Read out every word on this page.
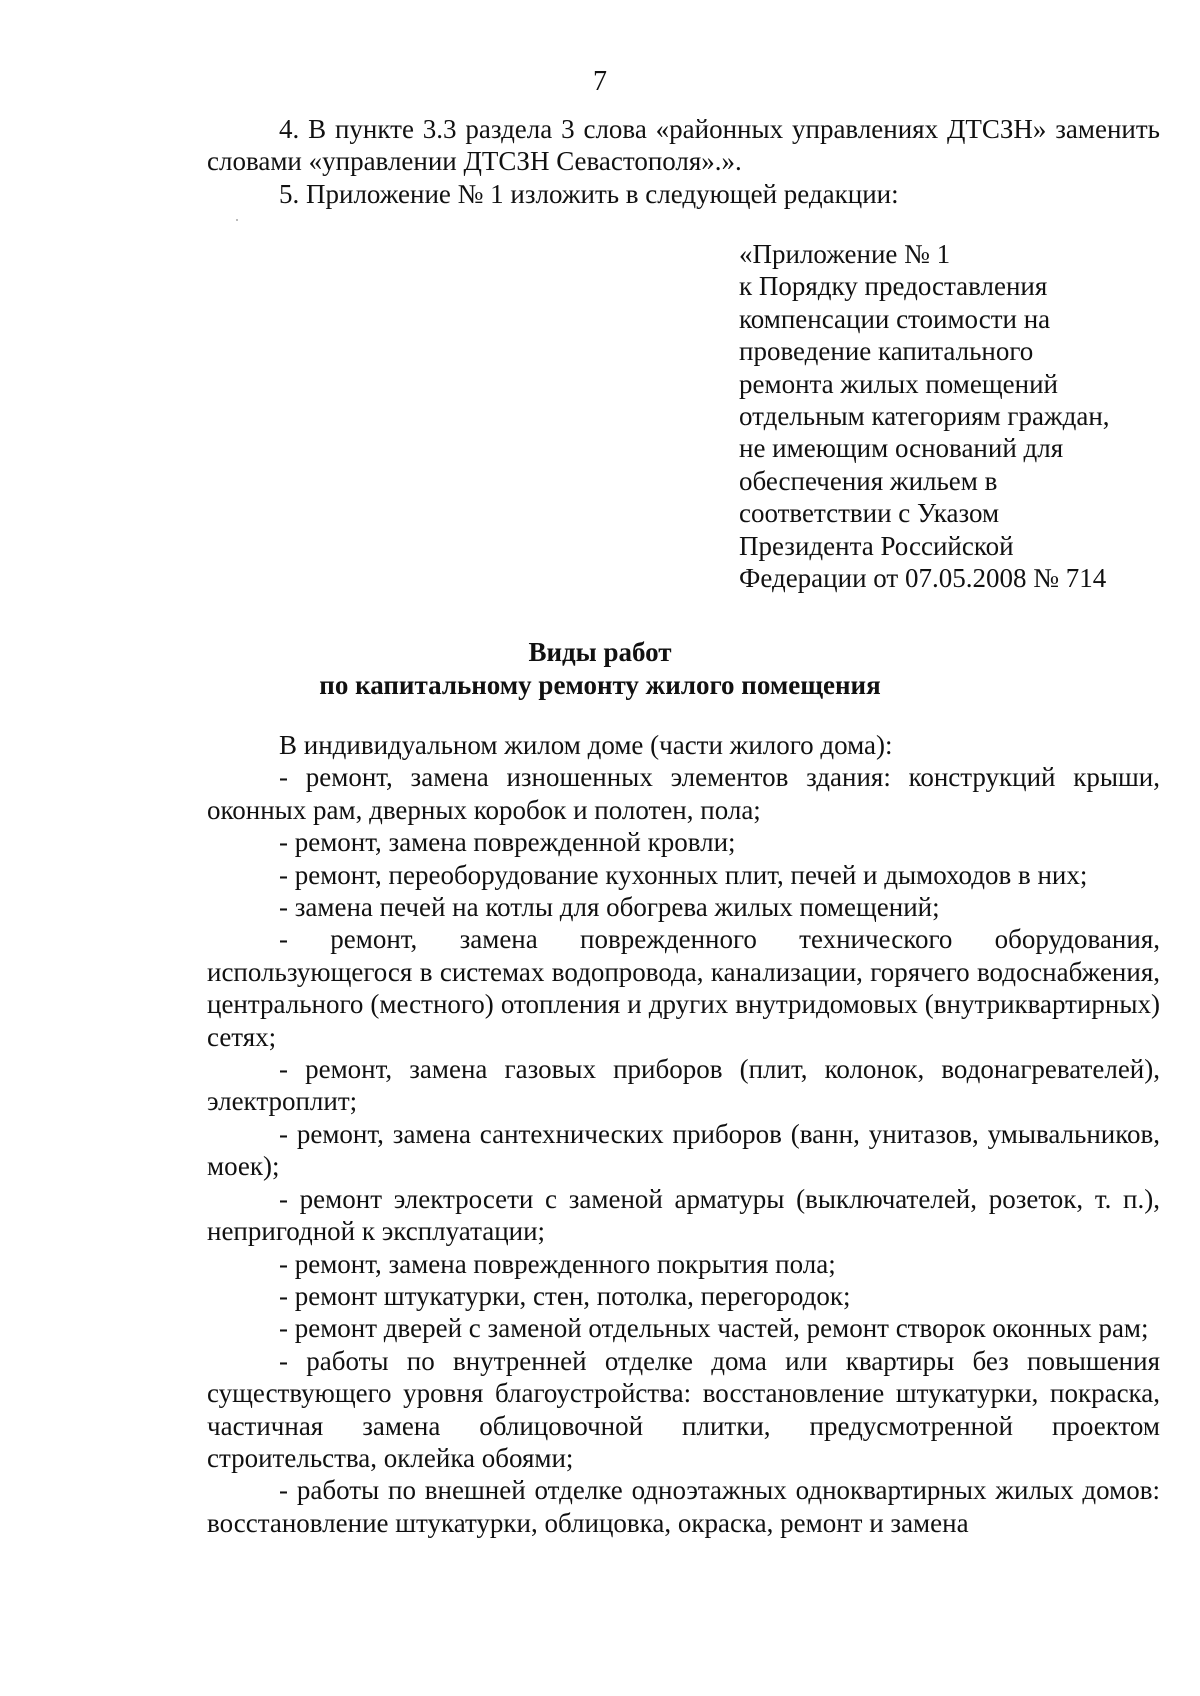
7

4. В пункте 3.3 раздела 3 слова «районных управлениях ДТСЗН» заменить словами «управлении ДТСЗН Севастополя».».

5. Приложение № 1 изложить в следующей редакции:

«Приложение № 1
к Порядку предоставления
компенсации стоимости на
проведение капитального
ремонта жилых помещений
отдельным категориям граждан,
не имеющим оснований для
обеспечения жильем в
соответствии с Указом
Президента Российской
Федерации от 07.05.2008 № 714
Виды работ
по капитальному ремонту жилого помещения

В индивидуальном жилом доме (части жилого дома):

- ремонт, замена изношенных элементов здания: конструкций крыши, оконных рам, дверных коробок и полотен, пола;

- ремонт, замена поврежденной кровли;

- ремонт, переоборудование кухонных плит, печей и дымоходов в них;

- замена печей на котлы для обогрева жилых помещений;

- ремонт, замена поврежденного технического оборудования, использующегося в системах водопровода, канализации, горячего водоснабжения, центрального (местного) отопления и других внутридомовых (внутриквартирных) сетях;

- ремонт, замена газовых приборов (плит, колонок, водонагревателей), электроплит;

- ремонт, замена сантехнических приборов (ванн, унитазов, умывальников, моек);

- ремонт электросети с заменой арматуры (выключателей, розеток, т. п.), непригодной к эксплуатации;

- ремонт, замена поврежденного покрытия пола;

- ремонт штукатурки, стен, потолка, перегородок;

- ремонт дверей с заменой отдельных частей, ремонт створок оконных рам;

- работы по внутренней отделке дома или квартиры без повышения существующего уровня благоустройства: восстановление штукатурки, покраска, частичная замена облицовочной плитки, предусмотренной проектом строительства, оклейка обоями;

- работы по внешней отделке одноэтажных одноквартирных жилых домов: восстановление штукатурки, облицовка, окраска, ремонт и замена
